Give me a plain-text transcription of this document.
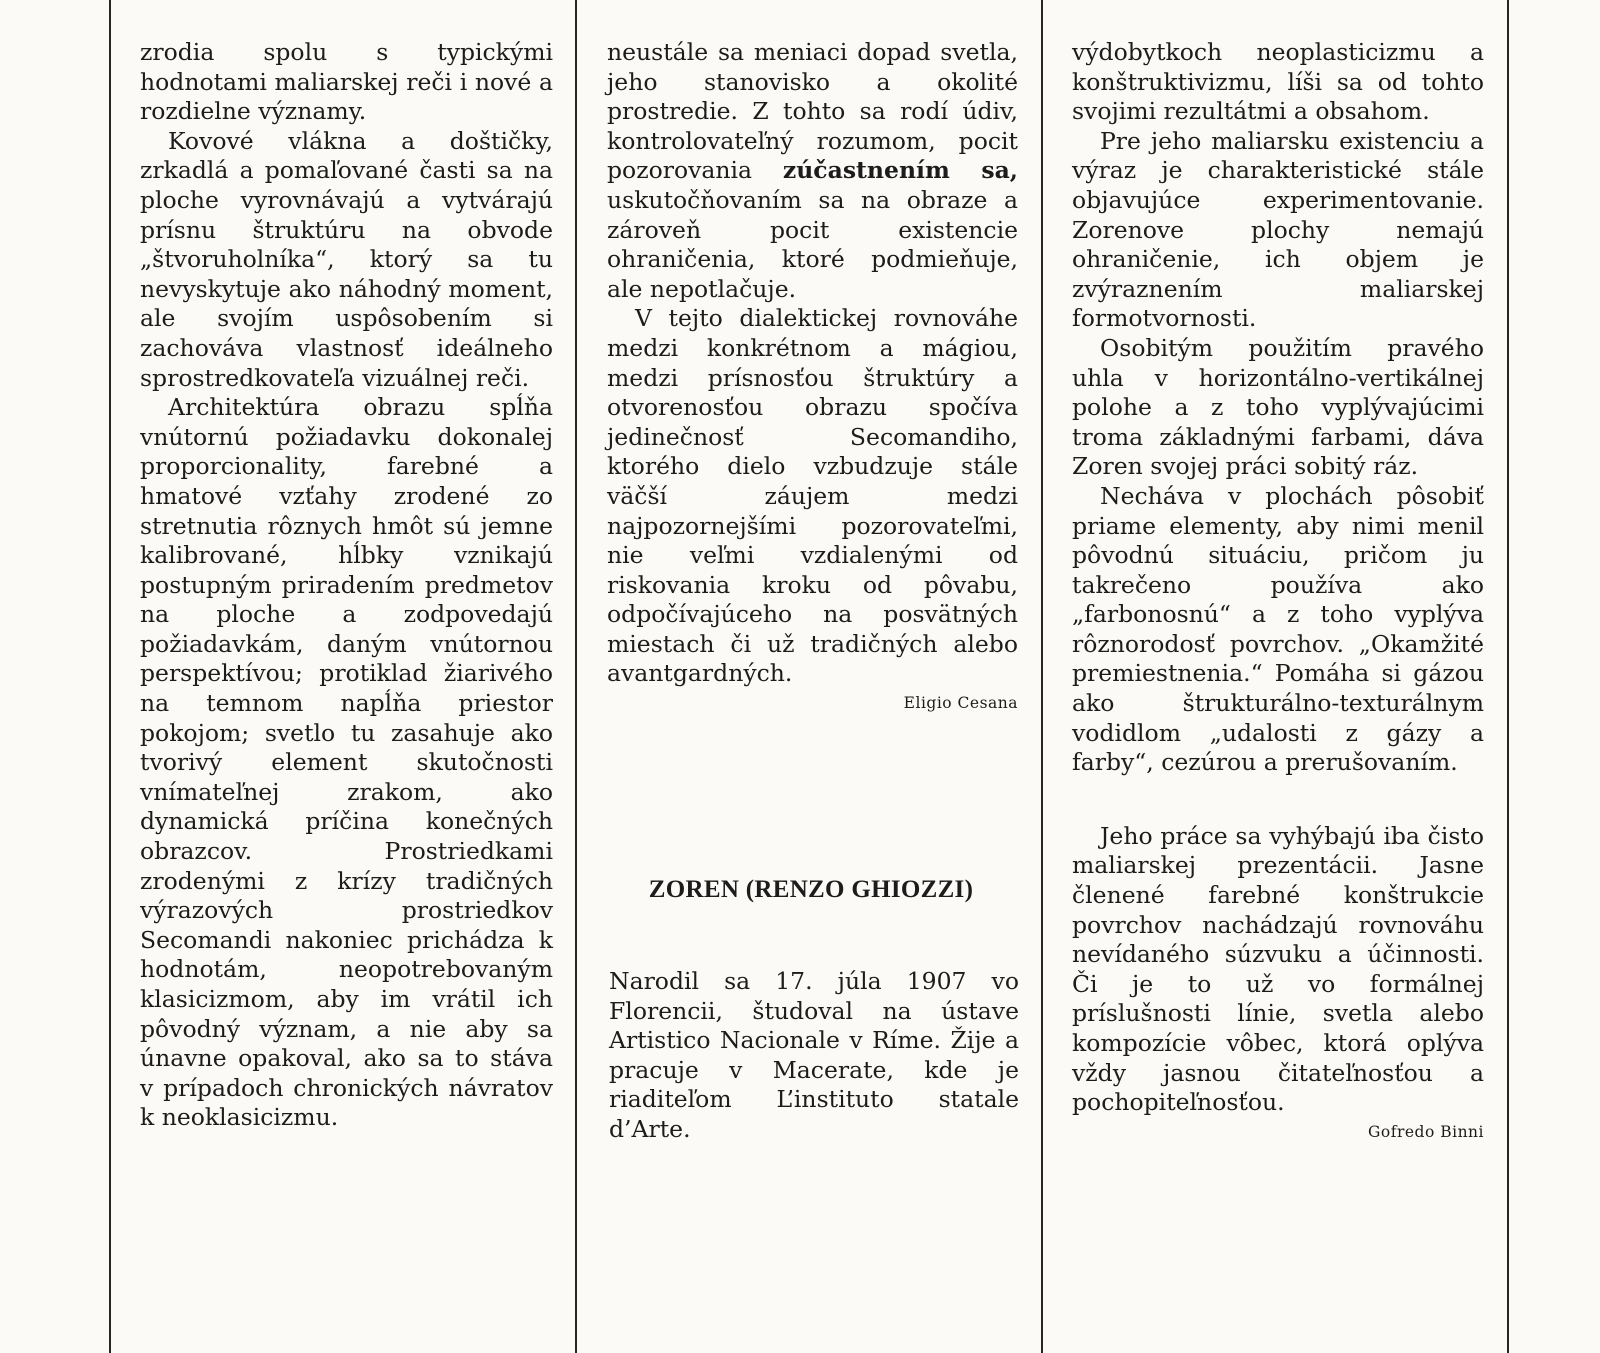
zrodia spolu s typickými hodnotami maliarskej reči i nové a rozdielne významy.

Kovové vlákna a doštičky, zrkadlá a pomaľované časti sa na ploche vyrovnávajú a vytvárajú prísnu štruktúru na obvode „štvoruholníka“, ktorý sa tu nevyskytuje ako náhodný moment, ale svojím uspôsobením si zachováva vlastnosť ideálneho sprostredkovateľa vizuálnej reči.

Architektúra obrazu spĺňa vnútornú požiadavku dokonalej proporcionality, farebné a hmatové vzťahy zrodené zo stretnutia rôznych hmôt sú jemne kalibrované, hĺbky vznikajú postupným priradením predmetov na ploche a zodpovedajú požiadavkám, daným vnútornou perspektívou; protiklad žiarivého na temnom napĺňa priestor pokojom; svetlo tu zasahuje ako tvorivý element skutočnosti vnímateľnej zrakom, ako dynamická príčina konečných obrazcov. Prostriedkami zrodenými z krízy tradičných výrazových prostriedkov Secomandi nakoniec prichádza k hodnotám, neopotrebovaným klasicizmom, aby im vrátil ich pôvodný význam, a nie aby sa únavne opakoval, ako sa to stáva v prípadoch chronických návratov k neoklasicizmu.

neustále sa meniaci dopad svetla, jeho stanovisko a okolité prostredie. Z tohto sa rodí údiv, kontrolovateľný rozumom, pocit pozorovania zúčastnením sa, uskutočňovaním sa na obraze a zároveň pocit existencie ohraničenia, ktoré podmieňuje, ale nepotlačuje.

V tejto dialektickej rovnováhe medzi konkrétnom a mágiou, medzi prísnosťou štruktúry a otvorenosťou obrazu spočíva jedinečnosť Secomandiho, ktorého dielo vzbudzuje stále väčší záujem medzi najpozornejšími pozorovateľmi, nie veľmi vzdialenými od riskovania kroku od pôvabu, odpočívajúceho na posvätných miestach či už tradičných alebo avantgardných.

Eligio Cesana

ZOREN (RENZO GHIOZZI)

Narodil sa 17. júla 1907 vo Florencii, študoval na ústave Artistico Nacionale v Ríme. Žije a pracuje v Macerate, kde je riaditeľom L’instituto statale d’Arte.

výdobytkoch neoplasticizmu a konštruktivizmu, líši sa od tohto svojimi rezultátmi a obsahom.

Pre jeho maliarsku existenciu a výraz je charakteristické stále objavujúce experimentovanie. Zorenove plochy nemajú ohraničenie, ich objem je zvýraznením maliarskej formotvornosti.

Osobitým použitím pravého uhla v horizontálno-vertikálnej polohe a z toho vyplývajúcimi troma základnými farbami, dáva Zoren svojej práci sobitý ráz.

Necháva v plochách pôsobiť priame elementy, aby nimi menil pôvodnú situáciu, pričom ju takrečeno používa ako „farbonosnú“ a z toho vyplýva rôznorodosť povrchov. „Okamžité premiestnenia.“ Pomáha si gázou ako štrukturálno-texturálnym vodidlom „udalosti z gázy a farby“, cezúrou a prerušovaním.

Jeho práce sa vyhýbajú iba čisto maliarskej prezentácii. Jasne členené farebné konštrukcie povrchov nachádzajú rovnováhu nevídaného súzvuku a účinnosti. Či je to už vo formálnej príslušnosti línie, svetla alebo kompozície vôbec, ktorá oplýva vždy jasnou čitateľnosťou a pochopiteľnosťou.

Gofredo Binni
